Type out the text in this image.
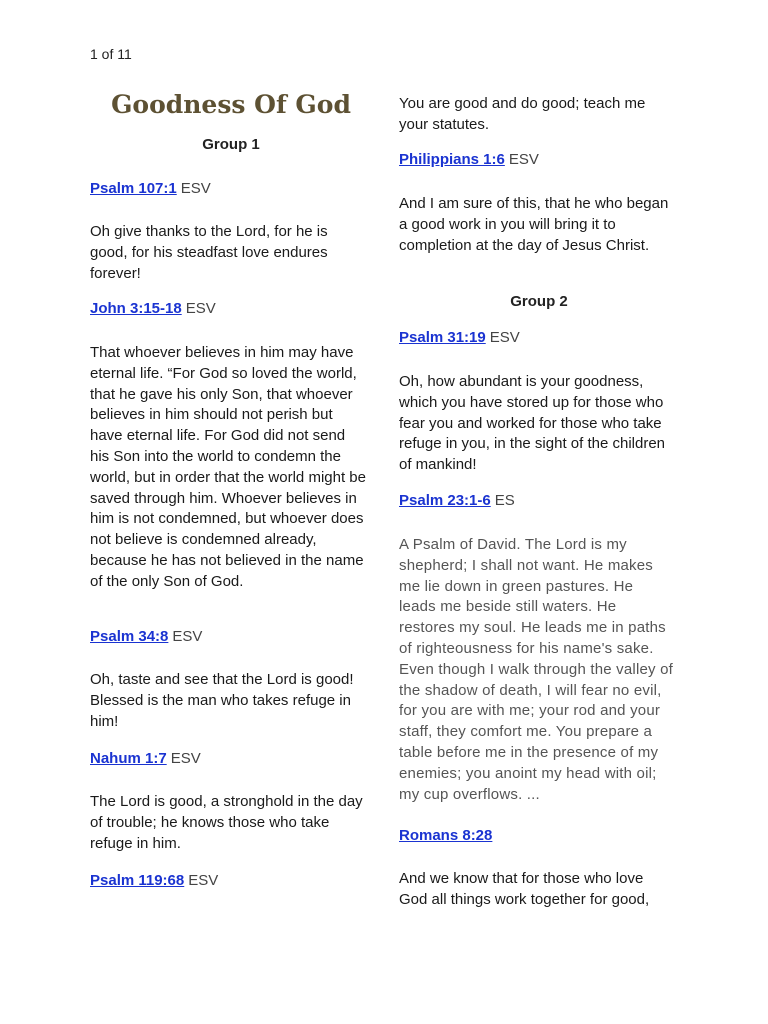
1 of 11
Goodness Of God
Group 1
Psalm 107:1 ESV
Oh give thanks to the Lord, for he is good, for his steadfast love endures forever!
John 3:15-18 ESV
That whoever believes in him may have eternal life. “For God so loved the world, that he gave his only Son, that whoever believes in him should not perish but have eternal life. For God did not send his Son into the world to condemn the world, but in order that the world might be saved through him. Whoever believes in him is not condemned, but whoever does not believe is condemned already, because he has not believed in the name of the only Son of God.
Psalm 34:8 ESV
Oh, taste and see that the Lord is good! Blessed is the man who takes refuge in him!
Nahum 1:7 ESV
The Lord is good, a stronghold in the day of trouble; he knows those who take refuge in him.
Psalm 119:68 ESV
You are good and do good; teach me your statutes.
Philippians 1:6 ESV
And I am sure of this, that he who began a good work in you will bring it to completion at the day of Jesus Christ.
Group 2
Psalm 31:19 ESV
Oh, how abundant is your goodness, which you have stored up for those who fear you and worked for those who take refuge in you, in the sight of the children of mankind!
Psalm 23:1-6 ES
A Psalm of David. The Lord is my shepherd; I shall not want. He makes me lie down in green pastures. He leads me beside still waters. He restores my soul. He leads me in paths of righteousness for his name's sake. Even though I walk through the valley of the shadow of death, I will fear no evil, for you are with me; your rod and your staff, they comfort me. You prepare a table before me in the presence of my enemies; you anoint my head with oil; my cup overflows. ...
Romans 8:28
And we know that for those who love God all things work together for good,
